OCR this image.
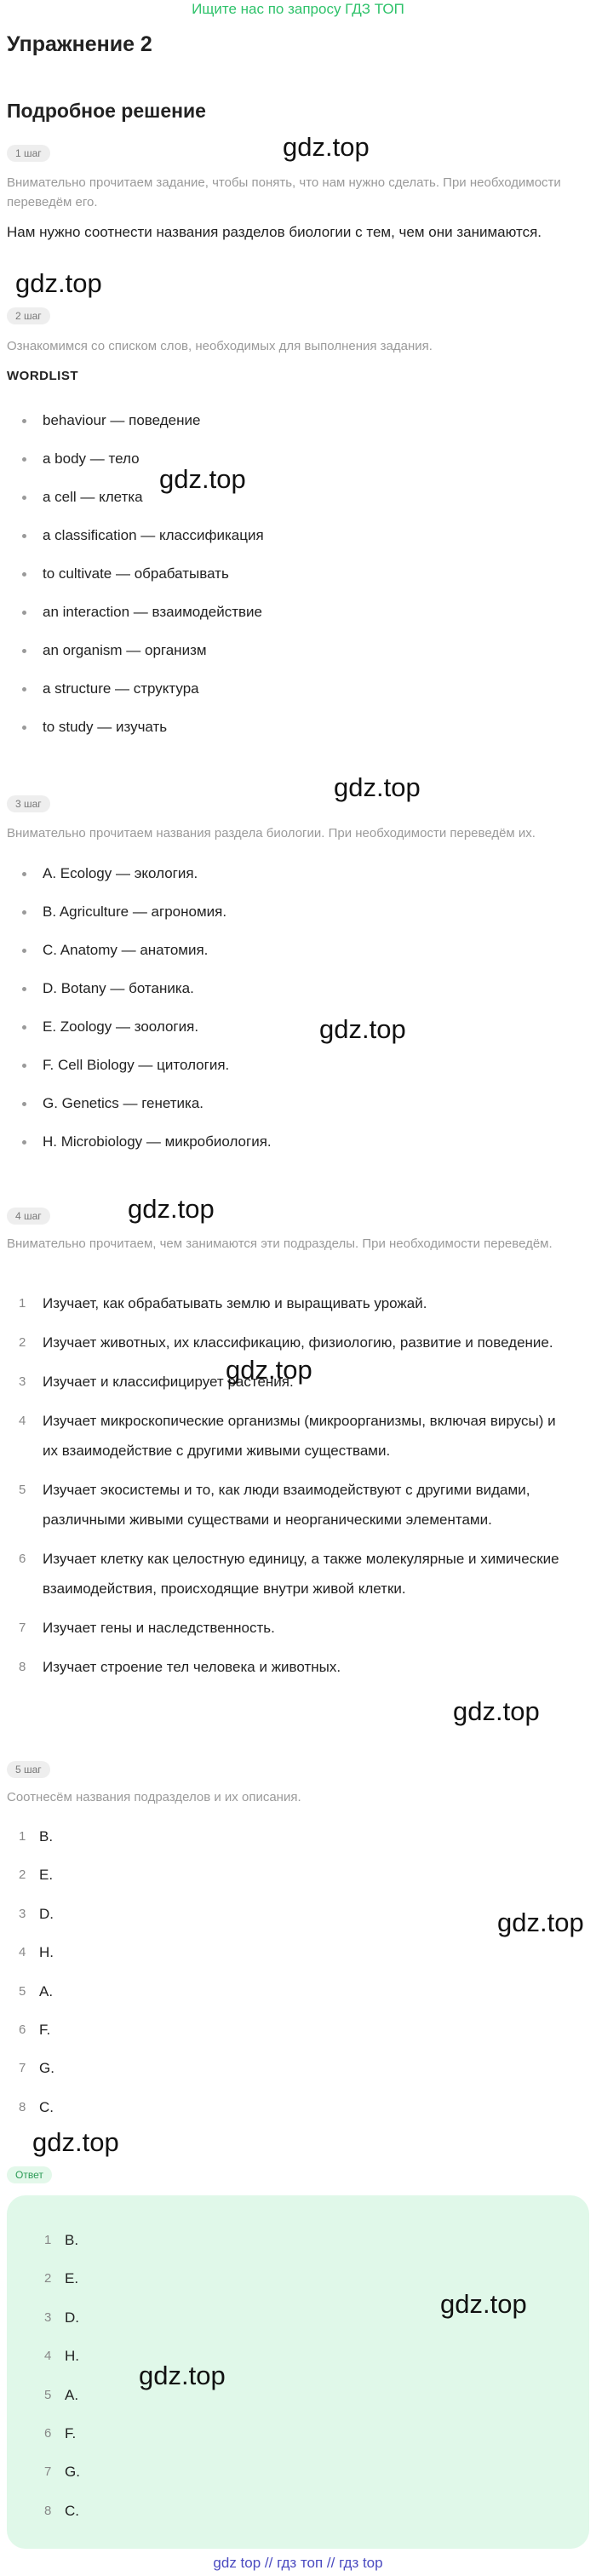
Ищите нас по запросу ГДЗ ТОП
Упражнение 2
Подробное решение
1 шаг

Внимательно прочитаем задание, чтобы понять, что нам нужно сделать. При необходимости переведём его.

Нам нужно соотнести названия разделов биологии с тем, чем они занимаются.

2 шаг

Ознакомимся со списком слов, необходимых для выполнения задания.

WORDLIST
behaviour — поведение
a body — тело
a cell — клетка
a classification — классификация
to cultivate — обрабатывать
an interaction — взаимодействие
an organism — организм
a structure — структура
to study — изучать
3 шаг

Внимательно прочитаем названия раздела биологии. При необходимости переведём их.

A. Ecology — экология.
B. Agriculture — агрономия.
C. Anatomy — анатомия.
D. Botany — ботаника.
E. Zoology — зоология.
F. Cell Biology — цитология.
G. Genetics — генетика.
H. Microbiology — микробиология.
4 шаг

Внимательно прочитаем, чем занимаются эти подразделы. При необходимости переведём.

1 Изучает, как обрабатывать землю и выращивать урожай.
2 Изучает животных, их классификацию, физиологию, развитие и поведение.
3 Изучает и классифицирует растения.
4 Изучает микроскопические организмы (микроорганизмы, включая вирусы) и их взаимодействие с другими живыми существами.
5 Изучает экосистемы и то, как люди взаимодействуют с другими видами, различными живыми существами и неорганическими элементами.
6 Изучает клетку как целостную единицу, а также молекулярные и химические взаимодействия, происходящие внутри живой клетки.
7 Изучает гены и наследственность.
8 Изучает строение тел человека и животных.
5 шаг

Соотнесём названия подразделов и их описания.

1 B.
2 E.
3 D.
4 H.
5 A.
6 F.
7 G.
8 C.
Ответ
1 B.
2 E.
3 D.
4 H.
5 A.
6 F.
7 G.
8 C.
gdz.top
gdz.top
gdz.top
gdz.top
gdz.top
gdz.top
gdz.top
gdz.top
gdz.top
gdz.top
gdz.top
gdz.top
gdz top // гдз топ // гдз top
